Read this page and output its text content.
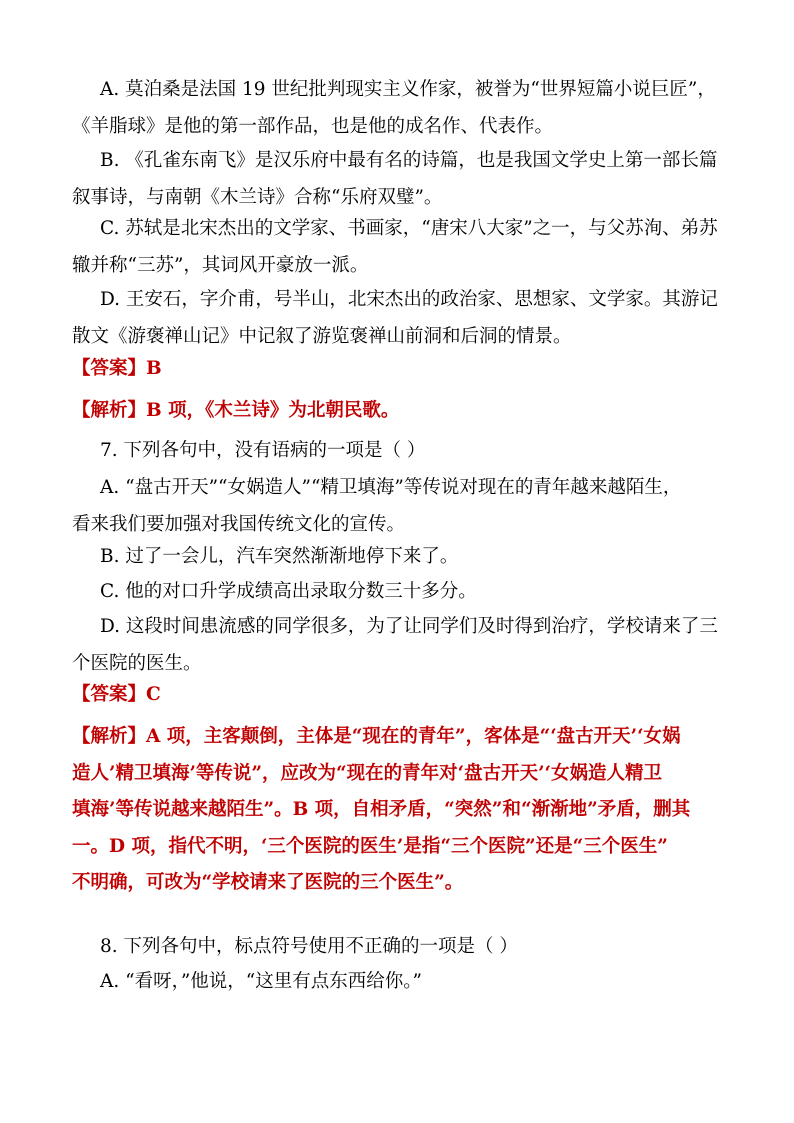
A. 莫泊桑是法国 19 世纪批判现实主义作家，被誉为“世界短篇小说巨匠”，
《羊脂球》是他的第一部作品，也是他的成名作、代表作。
B. 《孔雀东南飞》是汉乐府中最有名的诗篇，也是我国文学史上第一部长篇
叙事诗，与南朝《木兰诗》合称“乐府双璧”。
C. 苏轼是北宋杰出的文学家、书画家，“唐宋八大家”之一，与父苏洵、弟苏
辙并称“三苏”，其词风开豪放一派。
D. 王安石，字介甫，号半山，北宋杰出的政治家、思想家、文学家。其游记
散文《游褒禅山记》中记叙了游览褒禅山前洞和后洞的情景。
【答案】B
【解析】B 项，《木兰诗》为北朝民歌。
7. 下列各句中，没有语病的一项是（ ）
A. “盘古开天”“女娲造人”“精卫填海”等传说对现在的青年越来越陌生，
看来我们要加强对我国传统文化的宣传。
B. 过了一会儿，汽车突然渐渐地停下来了。
C. 他的对口升学成绩高出录取分数三十多分。
D. 这段时间患流感的同学很多，为了让同学们及时得到治疗，学校请来了三
个医院的医生。
【答案】C
【解析】A 项，主客颠倒，主体是“现在的青年”，客体是“‘盘古开天’‘女娲
造人’精卫填海’等传说”，应改为“现在的青年对‘盘古开天’‘女娲造人精卫
填海’等传说越来越陌生”。B 项，自相矛盾，“突然”和“渐渐地”矛盾，删其
一。D 项，指代不明，‘三个医院的医生’是指“三个医院”还是“三个医生”
不明确，可改为“学校请来了医院的三个医生”。
8. 下列各句中，标点符号使用不正确的一项是（ ）
A. “看呀，”他说，“这里有点东西给你。”
